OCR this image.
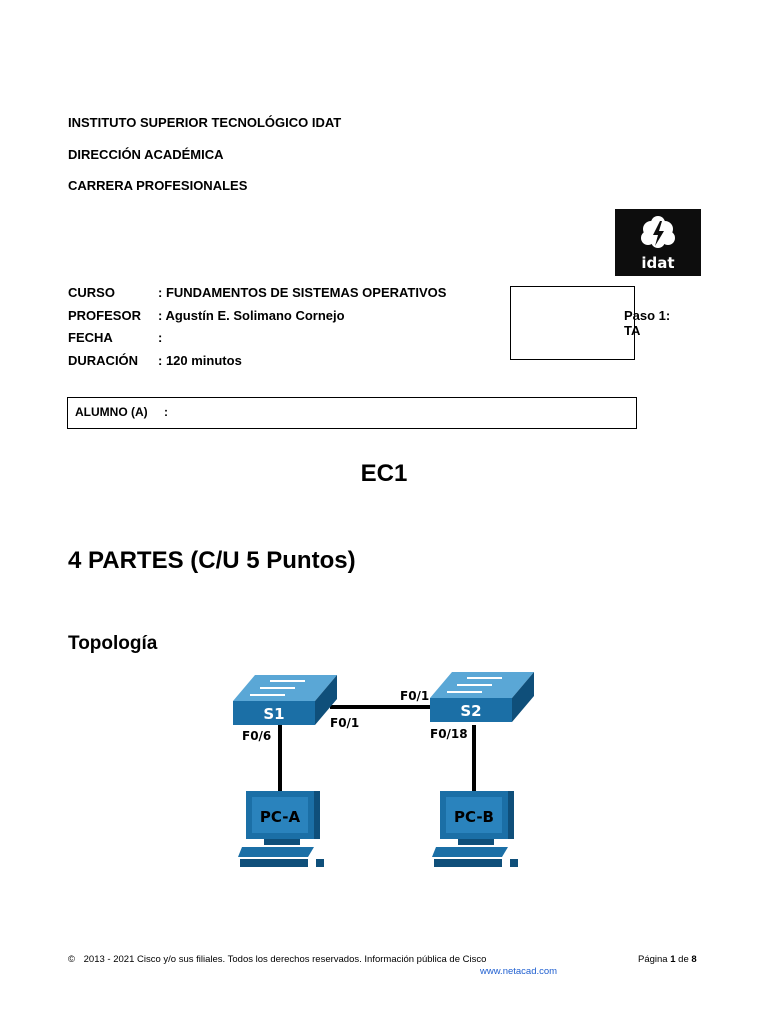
INSTITUTO SUPERIOR TECNOLÓGICO IDAT
DIRECCIÓN ACADÉMICA
CARRERA PROFESIONALES
idat
CURSO	: FUNDAMENTOS DE SISTEMAS OPERATIVOS
PROFESOR : Agustín E. Solimano Cornejo
FECHA	:
DURACIÓN : 120 minutos
Paso 1:
TA
ALUMNO (A) :
EC1
4 PARTES (C/U 5 Puntos)
Topología
S1	S2
F0/1
F0/1
F0/6	F0/18
PC-A	PC-B
© 2013 - 2021 Cisco y/o sus filiales. Todos los derechos reservados. Información pública de Cisco	Página 1 de 8
www.netacad.com
